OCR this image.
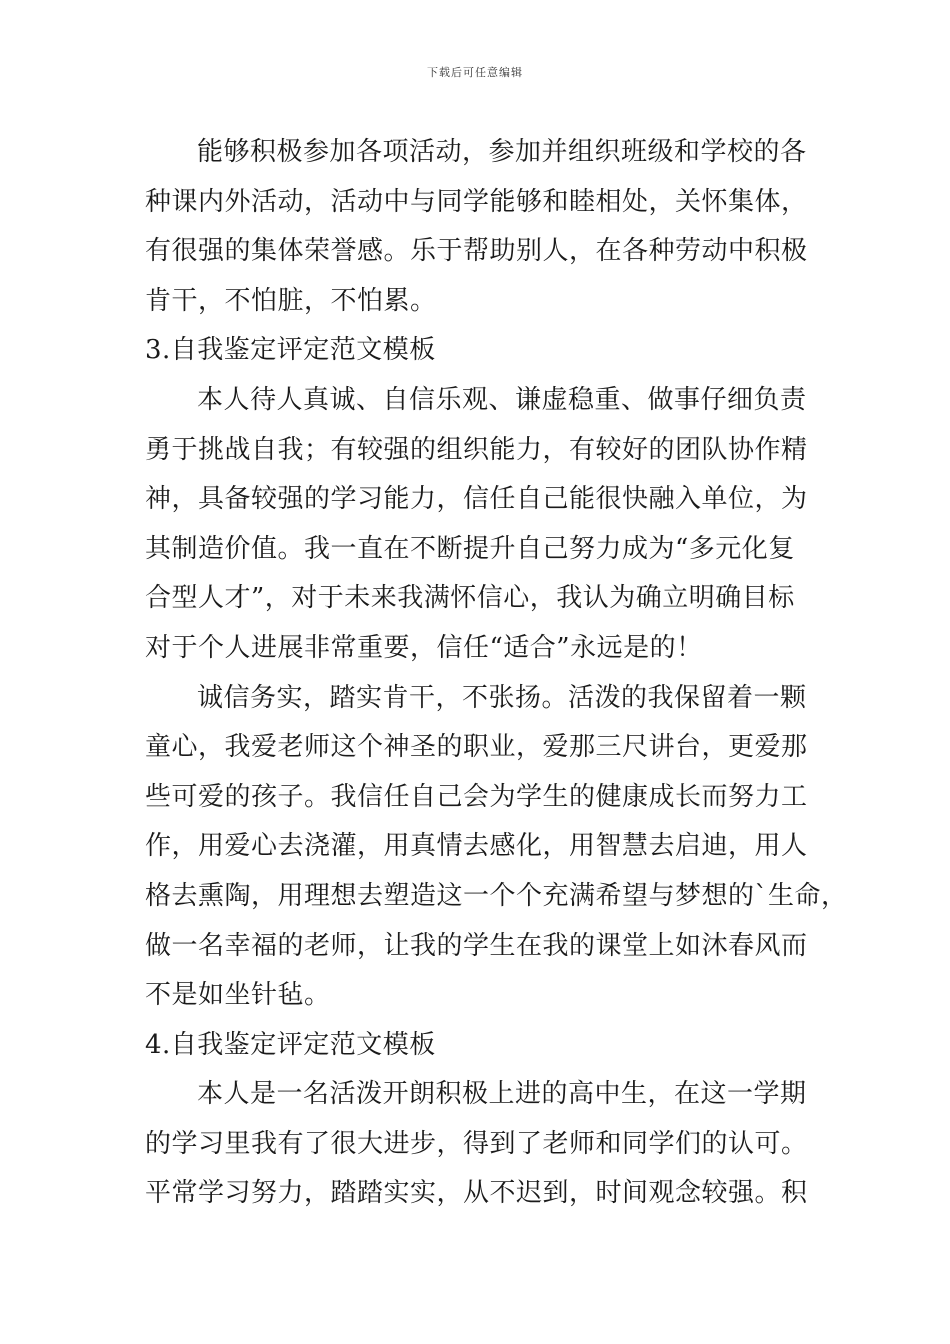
下载后可任意编辑
能够积极参加各项活动，参加并组织班级和学校的各
种课内外活动，活动中与同学能够和睦相处，关怀集体，
有很强的集体荣誉感。乐于帮助别人，在各种劳动中积极
肯干，不怕脏，不怕累。
3.自我鉴定评定范文模板
本人待人真诚、自信乐观、谦虚稳重、做事仔细负责
勇于挑战自我；有较强的组织能力，有较好的团队协作精
神，具备较强的学习能力，信任自己能很快融入单位，为
其制造价值。我一直在不断提升自己努力成为“多元化复
合型人才”，对于未来我满怀信心，我认为确立明确目标
对于个人进展非常重要，信任“适合”永远是的！
诚信务实，踏实肯干，不张扬。活泼的我保留着一颗
童心，我爱老师这个神圣的职业，爱那三尺讲台，更爱那
些可爱的孩子。我信任自己会为学生的健康成长而努力工
作，用爱心去浇灌，用真情去感化，用智慧去启迪，用人
格去熏陶，用理想去塑造这一个个充满希望与梦想的`生命，
做一名幸福的老师，让我的学生在我的课堂上如沐春风而
不是如坐针毡。
4.自我鉴定评定范文模板
本人是一名活泼开朗积极上进的高中生，在这一学期
的学习里我有了很大进步，得到了老师和同学们的认可。
平常学习努力，踏踏实实，从不迟到，时间观念较强。积
